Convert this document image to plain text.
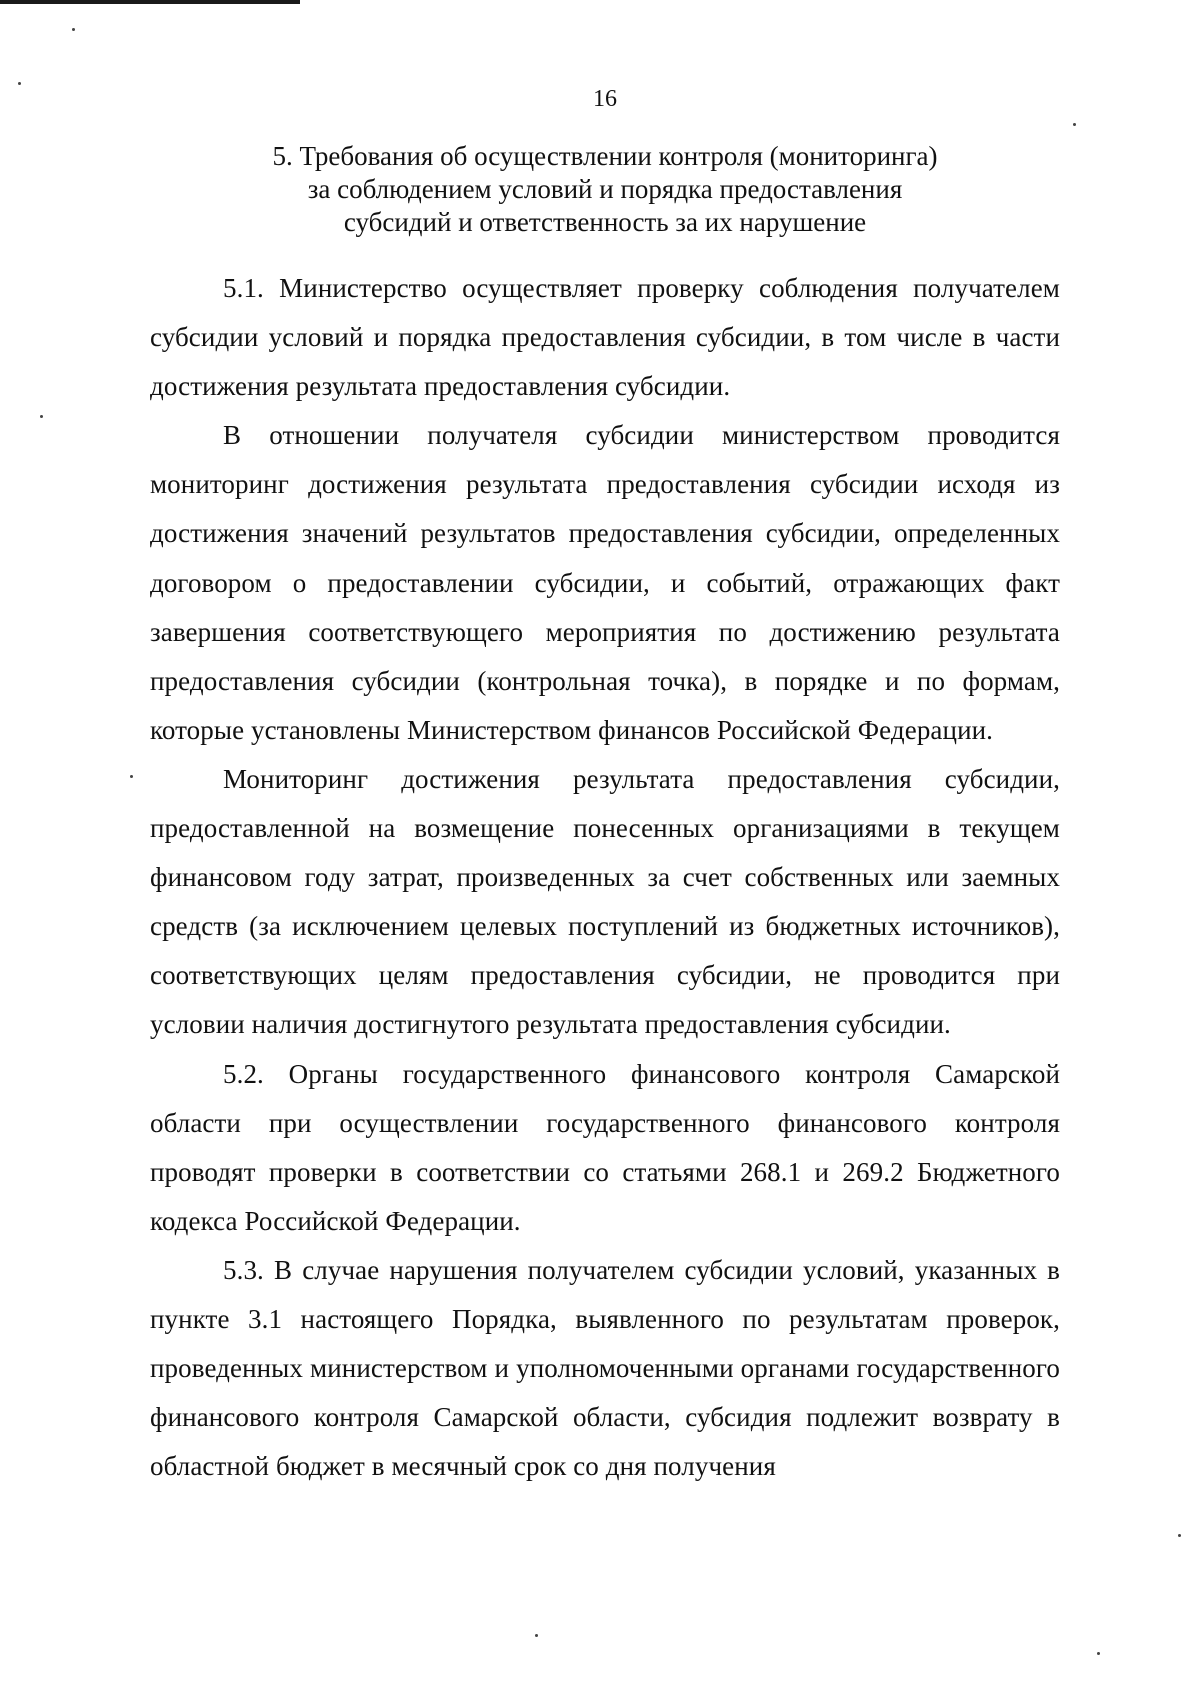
16
5. Требования об осуществлении контроля (мониторинга)
за соблюдением условий и порядка предоставления
субсидий и ответственность за их нарушение

5.1. Министерство осуществляет проверку соблюдения получателем субсидии условий и порядка предоставления субсидии, в том числе в части достижения результата предоставления субсидии.

В отношении получателя субсидии министерством проводится мониторинг достижения результата предоставления субсидии исходя из достижения значений результатов предоставления субсидии, определенных договором о предоставлении субсидии, и событий, отражающих факт завершения соответствующего мероприятия по достижению результата предоставления субсидии (контрольная точка), в порядке и по формам, которые установлены Министерством финансов Российской Федерации.

Мониторинг достижения результата предоставления субсидии, предоставленной на возмещение понесенных организациями в текущем финансовом году затрат, произведенных за счет собственных или заемных средств (за исключением целевых поступлений из бюджетных источников), соответствующих целям предоставления субсидии, не проводится при условии наличия достигнутого результата предоставления субсидии.

5.2. Органы государственного финансового контроля Самарской области при осуществлении государственного финансового контроля проводят проверки в соответствии со статьями 268.1 и 269.2 Бюджетного кодекса Российской Федерации.

5.3. В случае нарушения получателем субсидии условий, указанных в пункте 3.1 настоящего Порядка, выявленного по результатам проверок, проведенных министерством и уполномоченными органами государственного финансового контроля Самарской области, субсидия подлежит возврату в областной бюджет в месячный срок со дня получения
